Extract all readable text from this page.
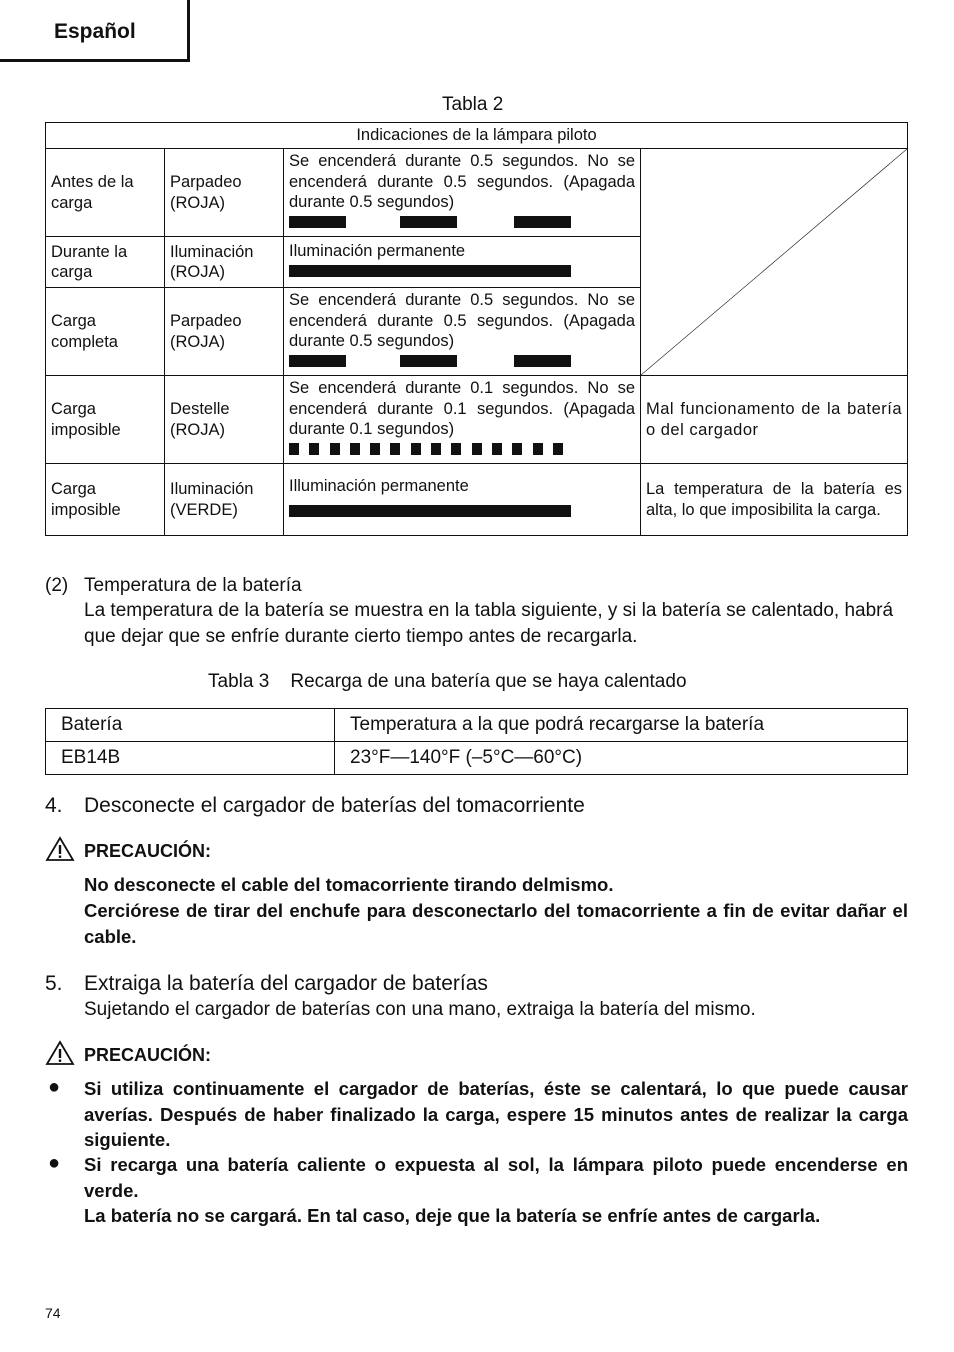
Español
Tabla 2
Indicaciones de la lámpara piloto			
Antes de la carga	Parpadeo (ROJA)	Se encenderá durante 0.5 segundos. No se encenderá durante 0.5 segundos. (Apagada durante 0.5 segundos)

Durante la carga	Iluminación (ROJA)	Iluminación permanente	

Carga completa	Parpadeo (ROJA)	Se encenderá durante 0.5 segundos. No se encenderá durante 0.5 segundos. (Apagada durante 0.5 segundos)	

Carga imposible	Destelle (ROJA)	Se encenderá durante 0.1 segundos. No se encenderá durante 0.1 segundos. (Apagada durante 0.1 segundos)	Mal funcionamento de la batería o del cargador
Carga imposible	Iluminación (VERDE)	Illuminación permanente	La temperatura de la batería es alta, lo que imposibilita la carga.
(2) Temperatura de la batería
La temperatura de la batería se muestra en la tabla siguiente, y si la batería se calentado, habrá que dejar que se enfríe durante cierto tiempo antes de recargarla.
Tabla 3    Recarga de una batería que se haya calentado
Batería	Temperatura a la que podrá recargarse la batería
EB14B	23°F—140°F (–5°C—60°C)
4. Desconecte el cargador de baterías del tomacorriente
PRECAUCIÓN:
No desconecte el cable del tomacorriente tirando delmismo.
Cerciórese de tirar del enchufe para desconectarlo del tomacorriente a fin de evitar dañar el cable.
5. Extraiga la batería del cargador de baterías
Sujetando el cargador de baterías con una mano, extraiga la batería del mismo.
PRECAUCIÓN:
● Si utiliza continuamente el cargador de baterías, éste se calentará, lo que puede causar averías. Después de haber finalizado la carga, espere 15 minutos antes de realizar la carga siguiente.
● Si recarga una batería caliente o expuesta al sol, la lámpara piloto puede encenderse en verde.
La batería no se cargará. En tal caso, deje que la batería se enfríe antes de cargarla.
74
